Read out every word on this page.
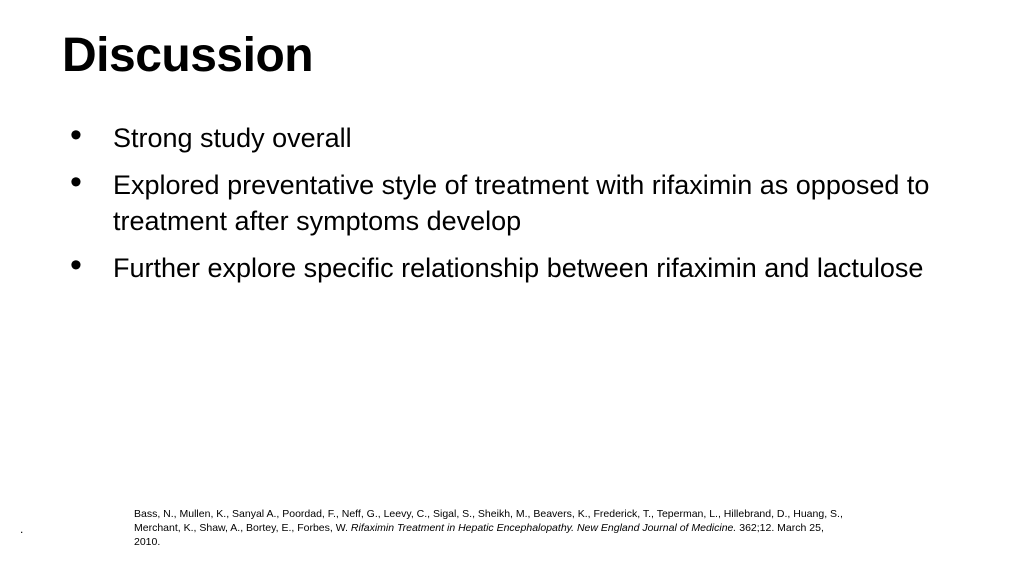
Discussion
• Strong study overall
• Explored preventative style of treatment with rifaximin as opposed to treatment after symptoms develop
• Further explore specific relationship between rifaximin and lactulose
.
Bass, N., Mullen, K., Sanyal A., Poordad, F., Neff, G., Leevy, C., Sigal, S., Sheikh, M., Beavers, K., Frederick, T., Teperman, L., Hillebrand, D., Huang, S., Merchant, K., Shaw, A., Bortey, E., Forbes, W. Rifaximin Treatment in Hepatic Encephalopathy. New England Journal of Medicine. 362;12. March 25, 2010.
